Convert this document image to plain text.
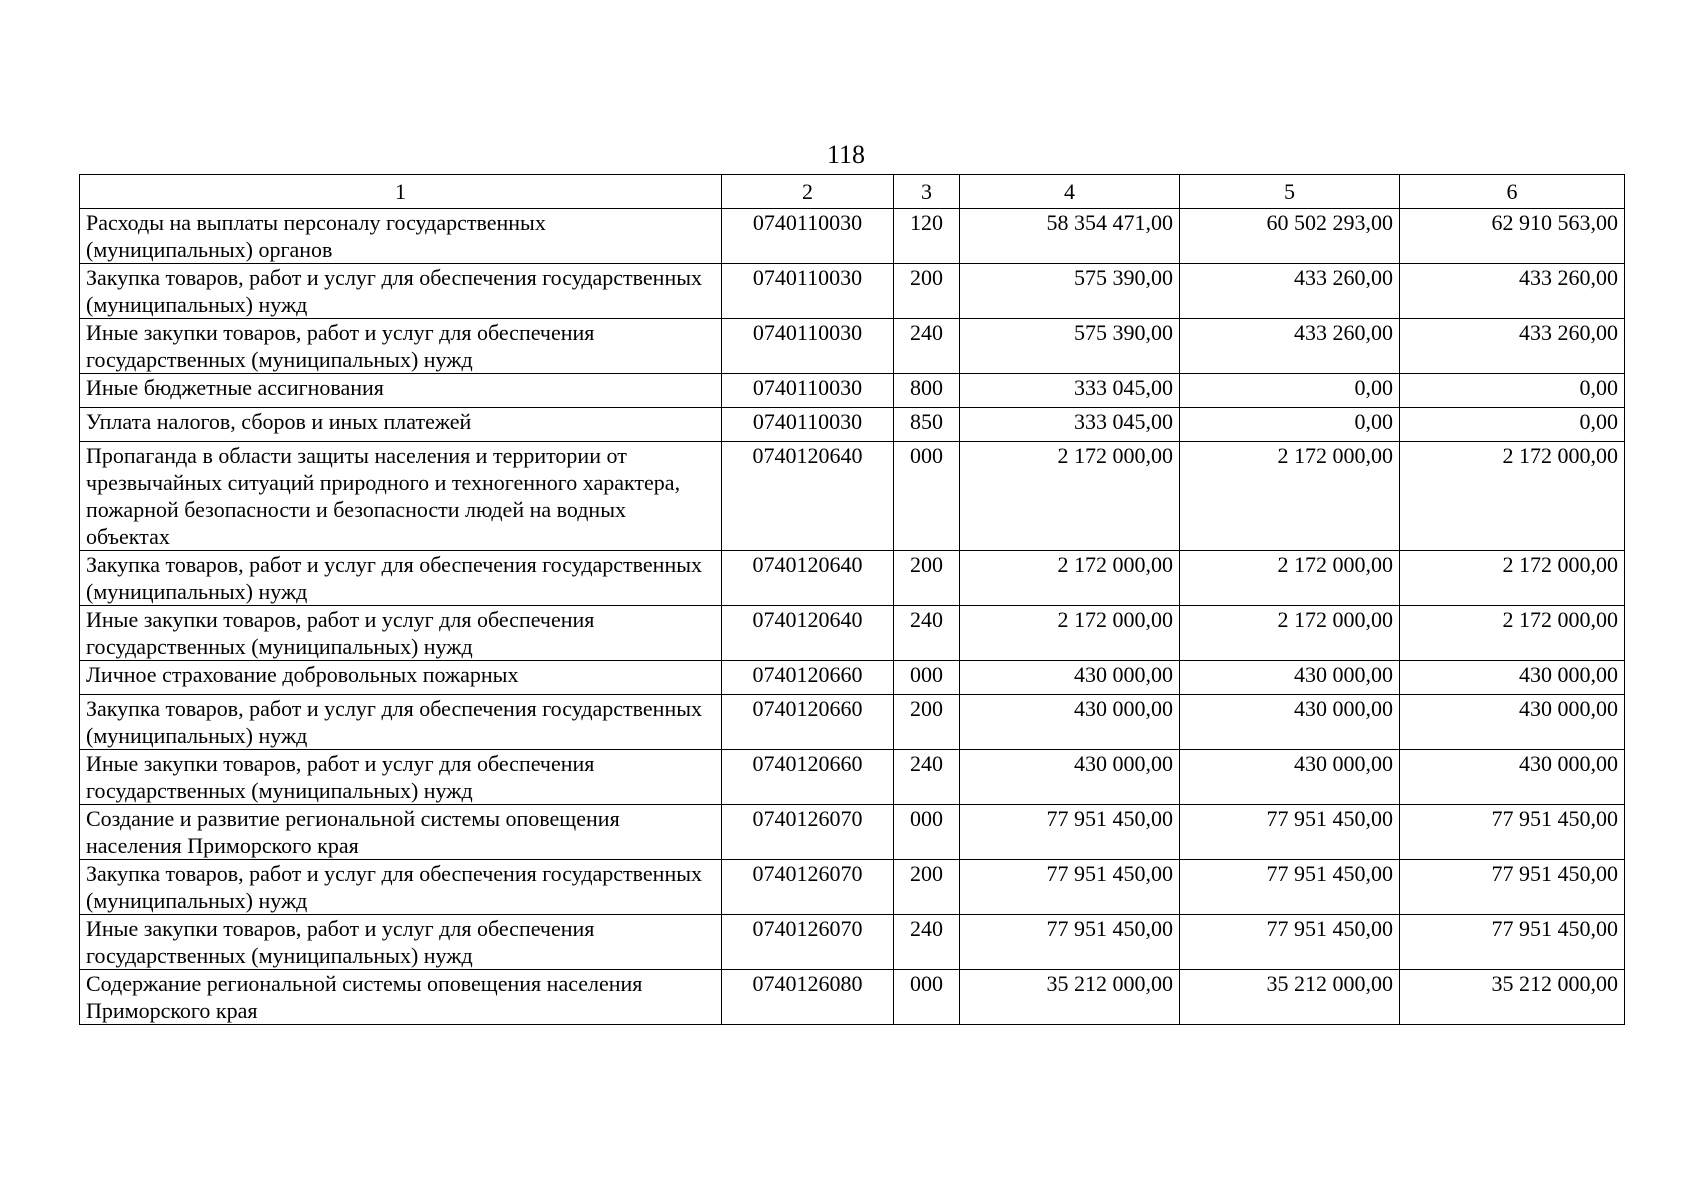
118
1	2	3	4	5	6
Расходы на выплаты персоналу государственных (муниципальных) органов	0740110030	120	58 354 471,00	60 502 293,00	62 910 563,00
Закупка товаров, работ и услуг для обеспечения государственных (муниципальных) нужд	0740110030	200	575 390,00	433 260,00	433 260,00
Иные закупки товаров, работ и услуг для обеспечения государственных (муниципальных) нужд	0740110030	240	575 390,00	433 260,00	433 260,00
Иные бюджетные ассигнования	0740110030	800	333 045,00	0,00	0,00
Уплата налогов, сборов и иных платежей	0740110030	850	333 045,00	0,00	0,00
Пропаганда в области защиты населения и территории от чрезвычайных ситуаций природного и техногенного характера, пожарной безопасности и безопасности людей на водных объектах	0740120640	000	2 172 000,00	2 172 000,00	2 172 000,00
Закупка товаров, работ и услуг для обеспечения государственных (муниципальных) нужд	0740120640	200	2 172 000,00	2 172 000,00	2 172 000,00
Иные закупки товаров, работ и услуг для обеспечения государственных (муниципальных) нужд	0740120640	240	2 172 000,00	2 172 000,00	2 172 000,00
Личное страхование добровольных пожарных	0740120660	000	430 000,00	430 000,00	430 000,00
Закупка товаров, работ и услуг для обеспечения государственных (муниципальных) нужд	0740120660	200	430 000,00	430 000,00	430 000,00
Иные закупки товаров, работ и услуг для обеспечения государственных (муниципальных) нужд	0740120660	240	430 000,00	430 000,00	430 000,00
Создание и развитие региональной системы оповещения населения Приморского края	0740126070	000	77 951 450,00	77 951 450,00	77 951 450,00
Закупка товаров, работ и услуг для обеспечения государственных (муниципальных) нужд	0740126070	200	77 951 450,00	77 951 450,00	77 951 450,00
Иные закупки товаров, работ и услуг для обеспечения государственных (муниципальных) нужд	0740126070	240	77 951 450,00	77 951 450,00	77 951 450,00
Содержание региональной системы оповещения населения Приморского края	0740126080	000	35 212 000,00	35 212 000,00	35 212 000,00
